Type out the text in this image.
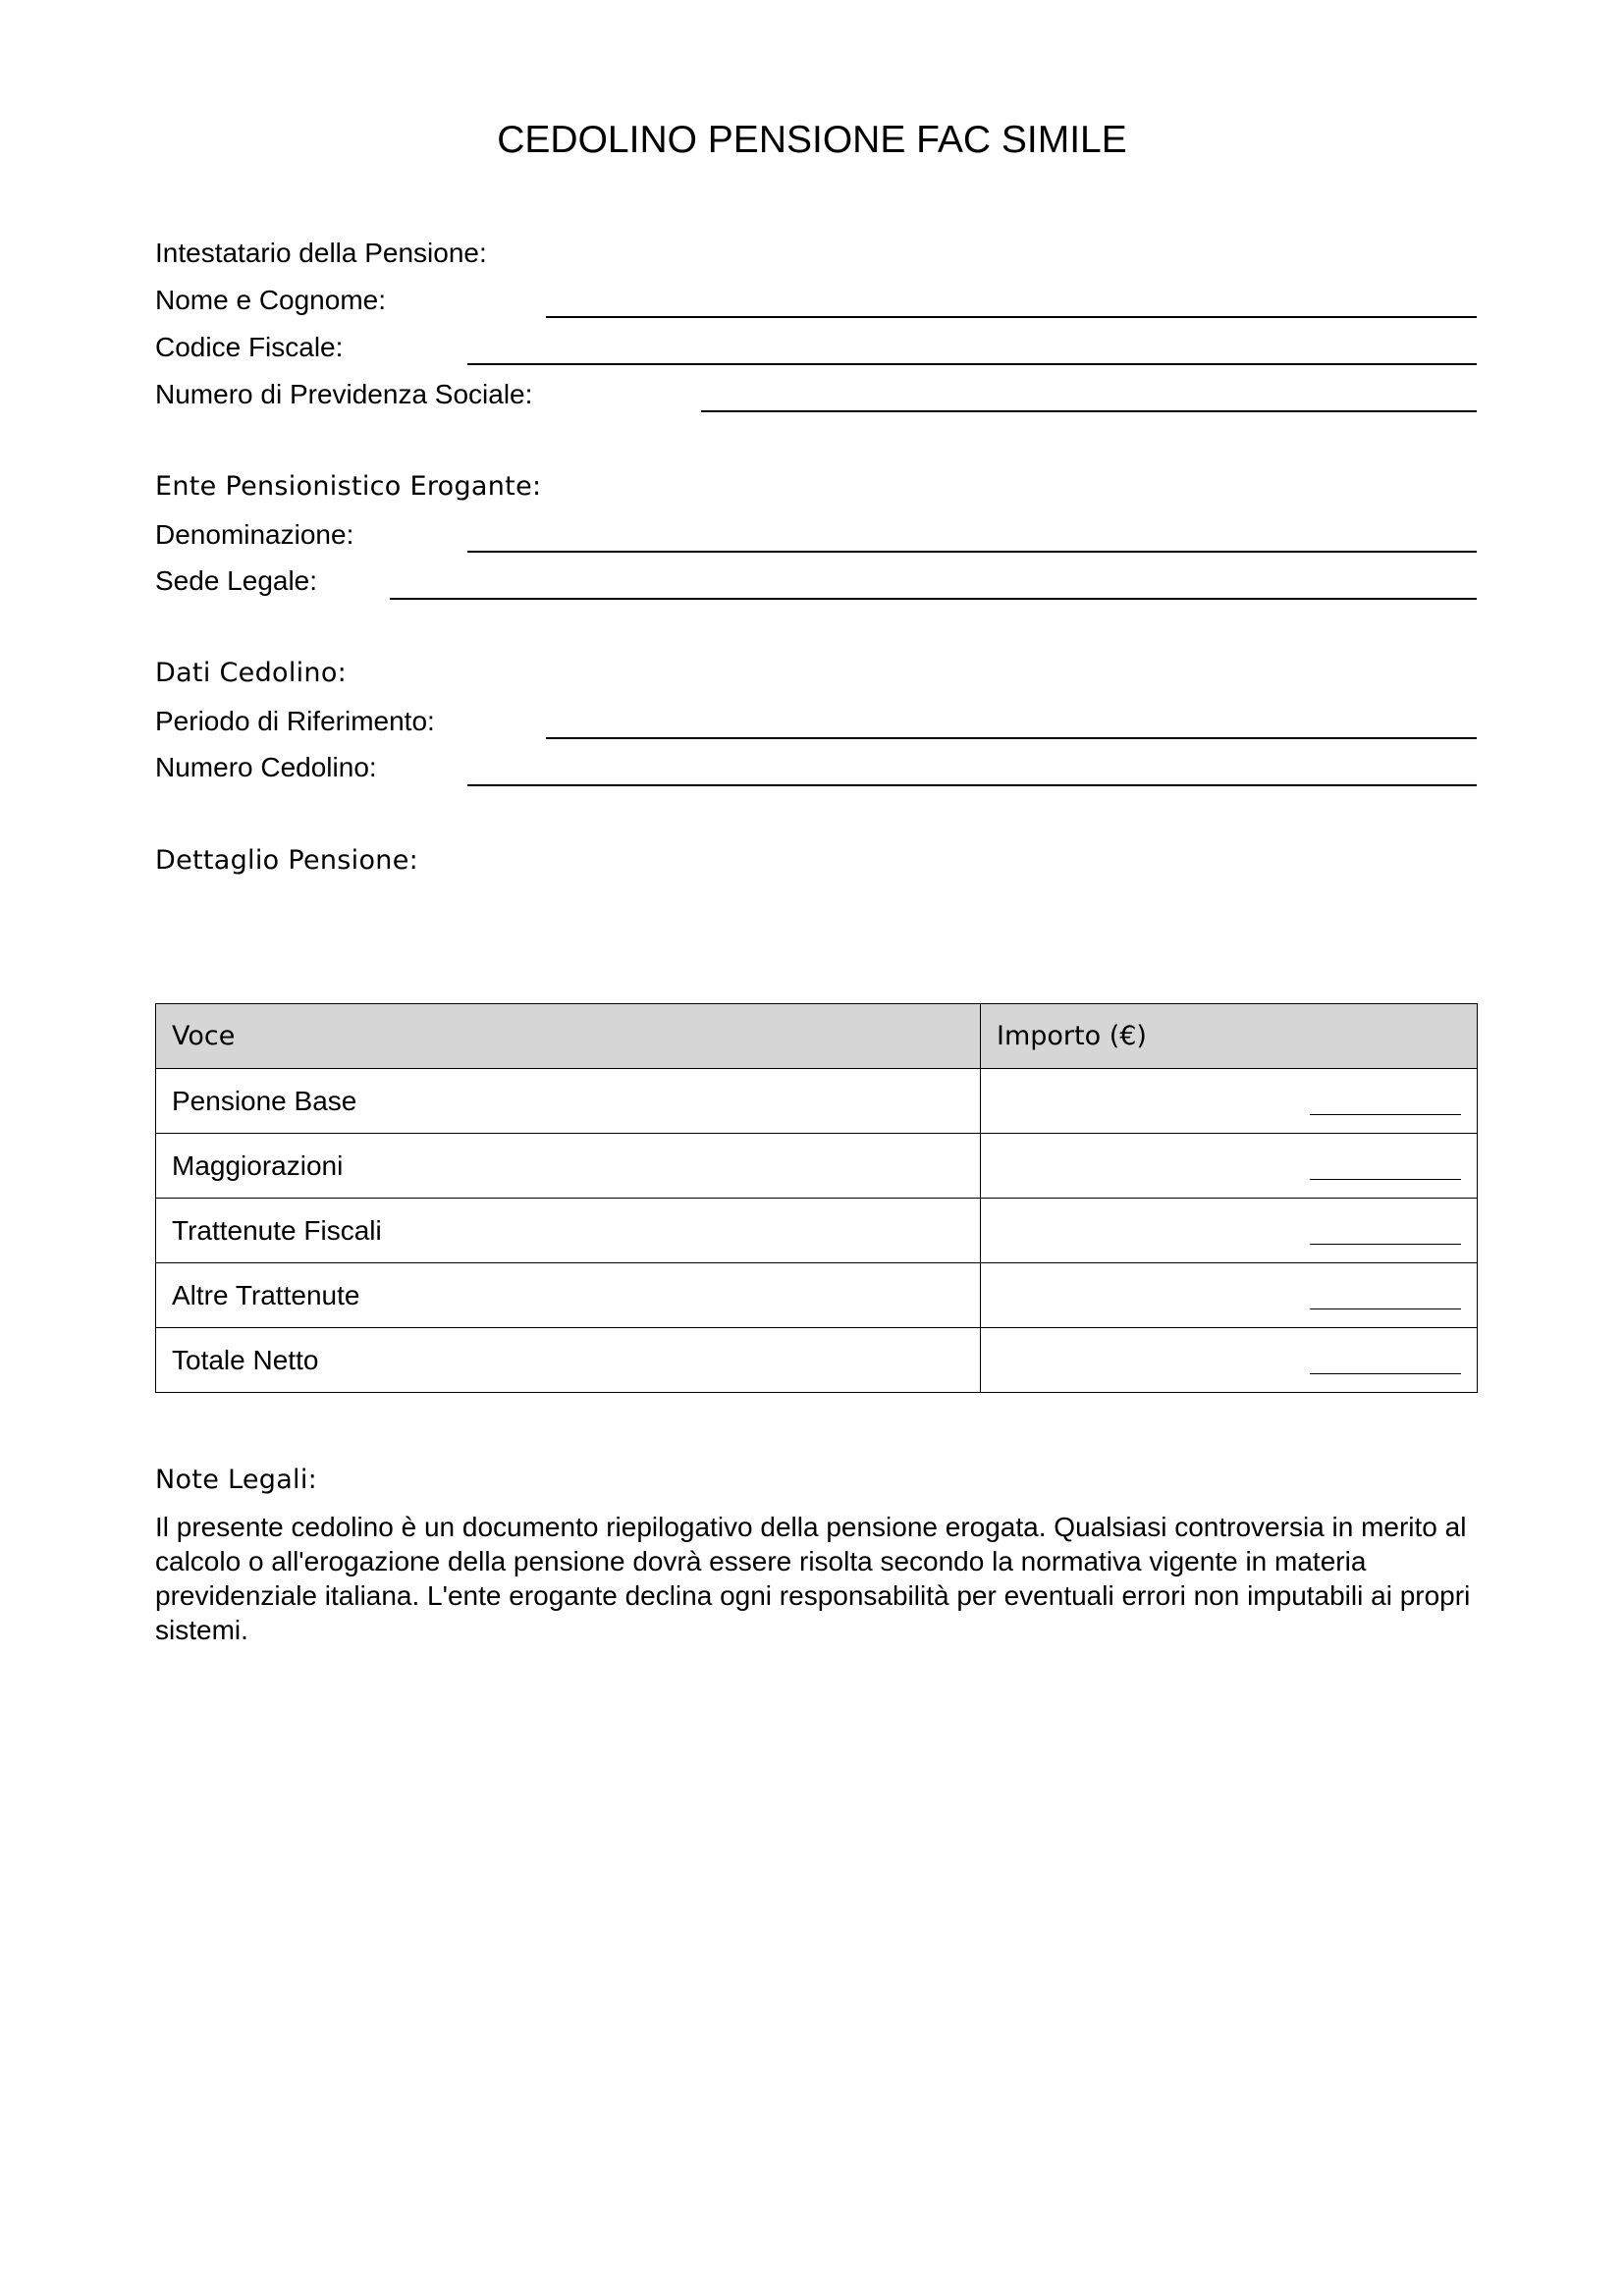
CEDOLINO PENSIONE FAC SIMILE
Intestatario della Pensione:
Nome e Cognome:
Codice Fiscale:
Numero di Previdenza Sociale:
Ente Pensionistico Erogante:
Denominazione:
Sede Legale:
Dati Cedolino:
Periodo di Riferimento:
Numero Cedolino:
Dettaglio Pensione:
Voce	Importo (€)
Pensione Base	

Maggiorazioni	

Trattenute Fiscali	

Altre Trattenute	

Totale Netto	
Note Legali:
Il presente cedolino è un documento riepilogativo della pensione erogata. Qualsiasi controversia in merito al calcolo o all'erogazione della pensione dovrà essere risolta secondo la normativa vigente in materia previdenziale italiana. L'ente erogante declina ogni responsabilità per eventuali errori non imputabili ai propri sistemi.
